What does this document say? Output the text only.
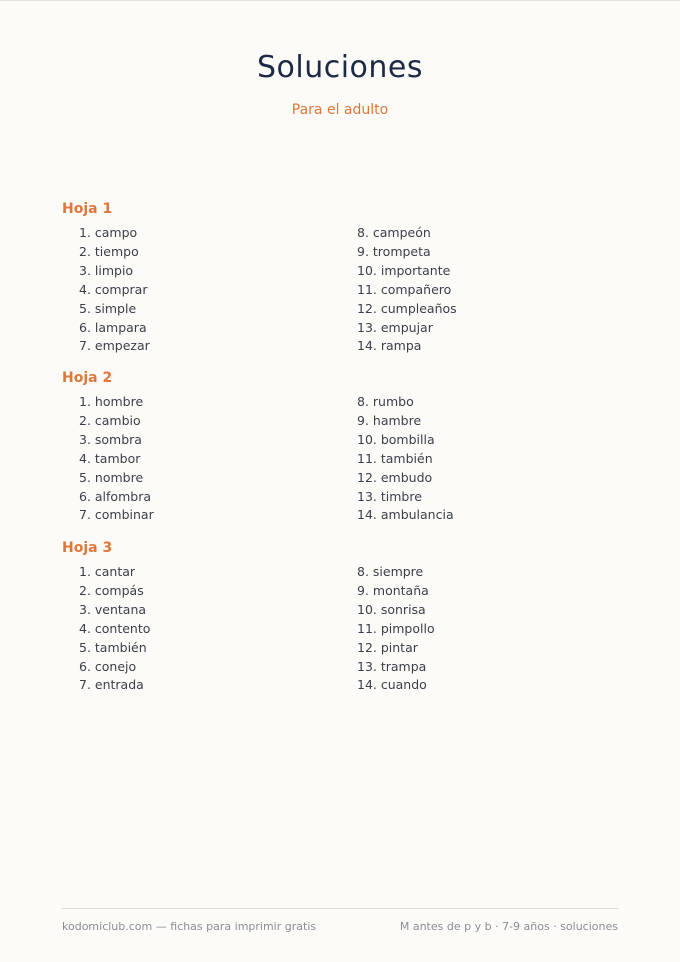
Soluciones
Para el adulto
Hoja 1
1. campo
2. tiempo
3. limpio
4. comprar
5. simple
6. lampara
7. empezar
8. campeón
9. trompeta
10. importante
11. compañero
12. cumpleaños
13. empujar
14. rampa
Hoja 2
1. hombre
2. cambio
3. sombra
4. tambor
5. nombre
6. alfombra
7. combinar
8. rumbo
9. hambre
10. bombilla
11. también
12. embudo
13. timbre
14. ambulancia
Hoja 3
1. cantar
2. compás
3. ventana
4. contento
5. también
6. conejo
7. entrada
8. siempre
9. montaña
10. sonrisa
11. pimpollo
12. pintar
13. trampa
14. cuando
kodomiclub.com — fichas para imprimir gratis	M antes de p y b · 7-9 años · soluciones
